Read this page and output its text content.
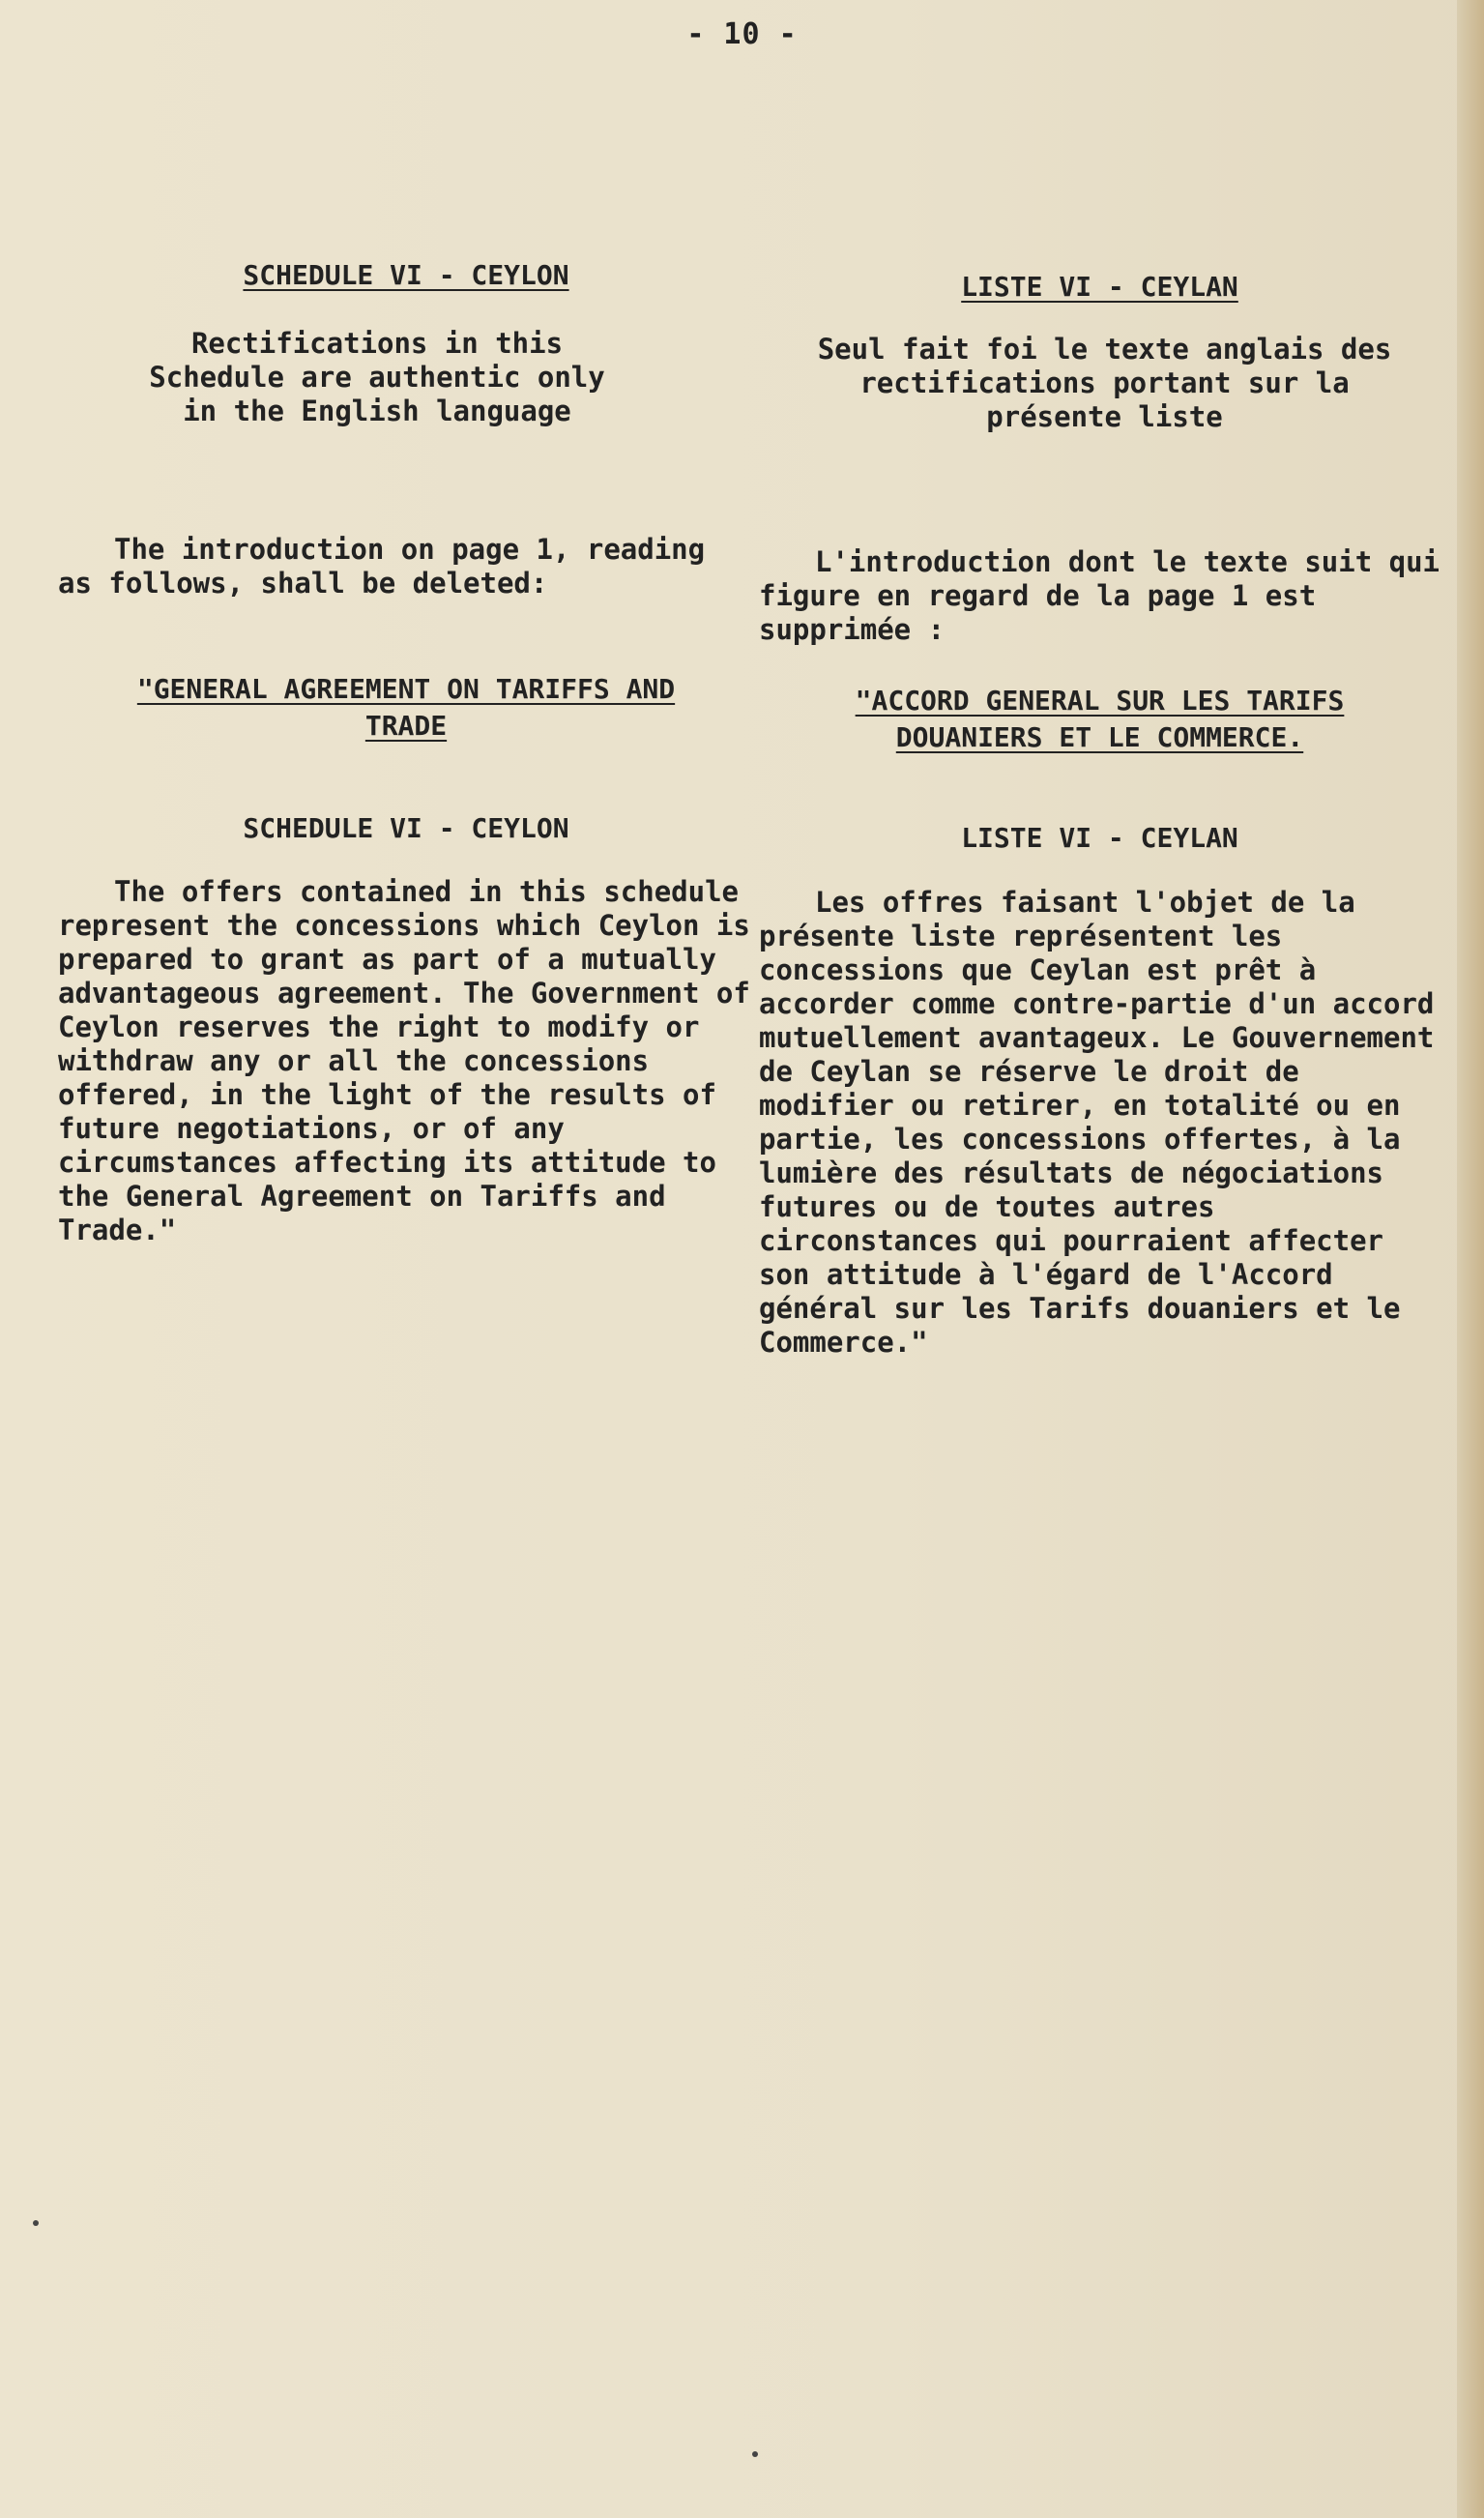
- 10 -
SCHEDULE VI - CEYLON
Rectifications in this Schedule are authentic only in the English language
The introduction on page 1, reading as follows, shall be deleted:
"GENERAL AGREEMENT ON TARIFFS AND TRADE
SCHEDULE VI - CEYLON
The offers contained in this schedule represent the concessions which Ceylon is prepared to grant as part of a mutually advantageous agreement. The Government of Ceylon reserves the right to modify or withdraw any or all the concessions offered, in the light of the results of future negotiations, or of any circumstances affecting its attitude to the General Agreement on Tariffs and Trade."
LISTE VI - CEYLAN
Seul fait foi le texte anglais des rectifications portant sur la présente liste
L'introduction dont le texte suit qui figure en regard de la page 1 est supprimée :
"ACCORD GENERAL SUR LES TARIFS DOUANIERS ET LE COMMERCE.
LISTE VI - CEYLAN
Les offres faisant l'objet de la présente liste représentent les concessions que Ceylan est prêt à accorder comme contre-partie d'un accord mutuellement avantageux. Le Gouvernement de Ceylan se réserve le droit de modifier ou retirer, en totalité ou en partie, les concessions offertes, à la lumière des résultats de négociations futures ou de toutes autres circonstances qui pourraient affecter son attitude à l'égard de l'Accord général sur les Tarifs douaniers et le Commerce."
